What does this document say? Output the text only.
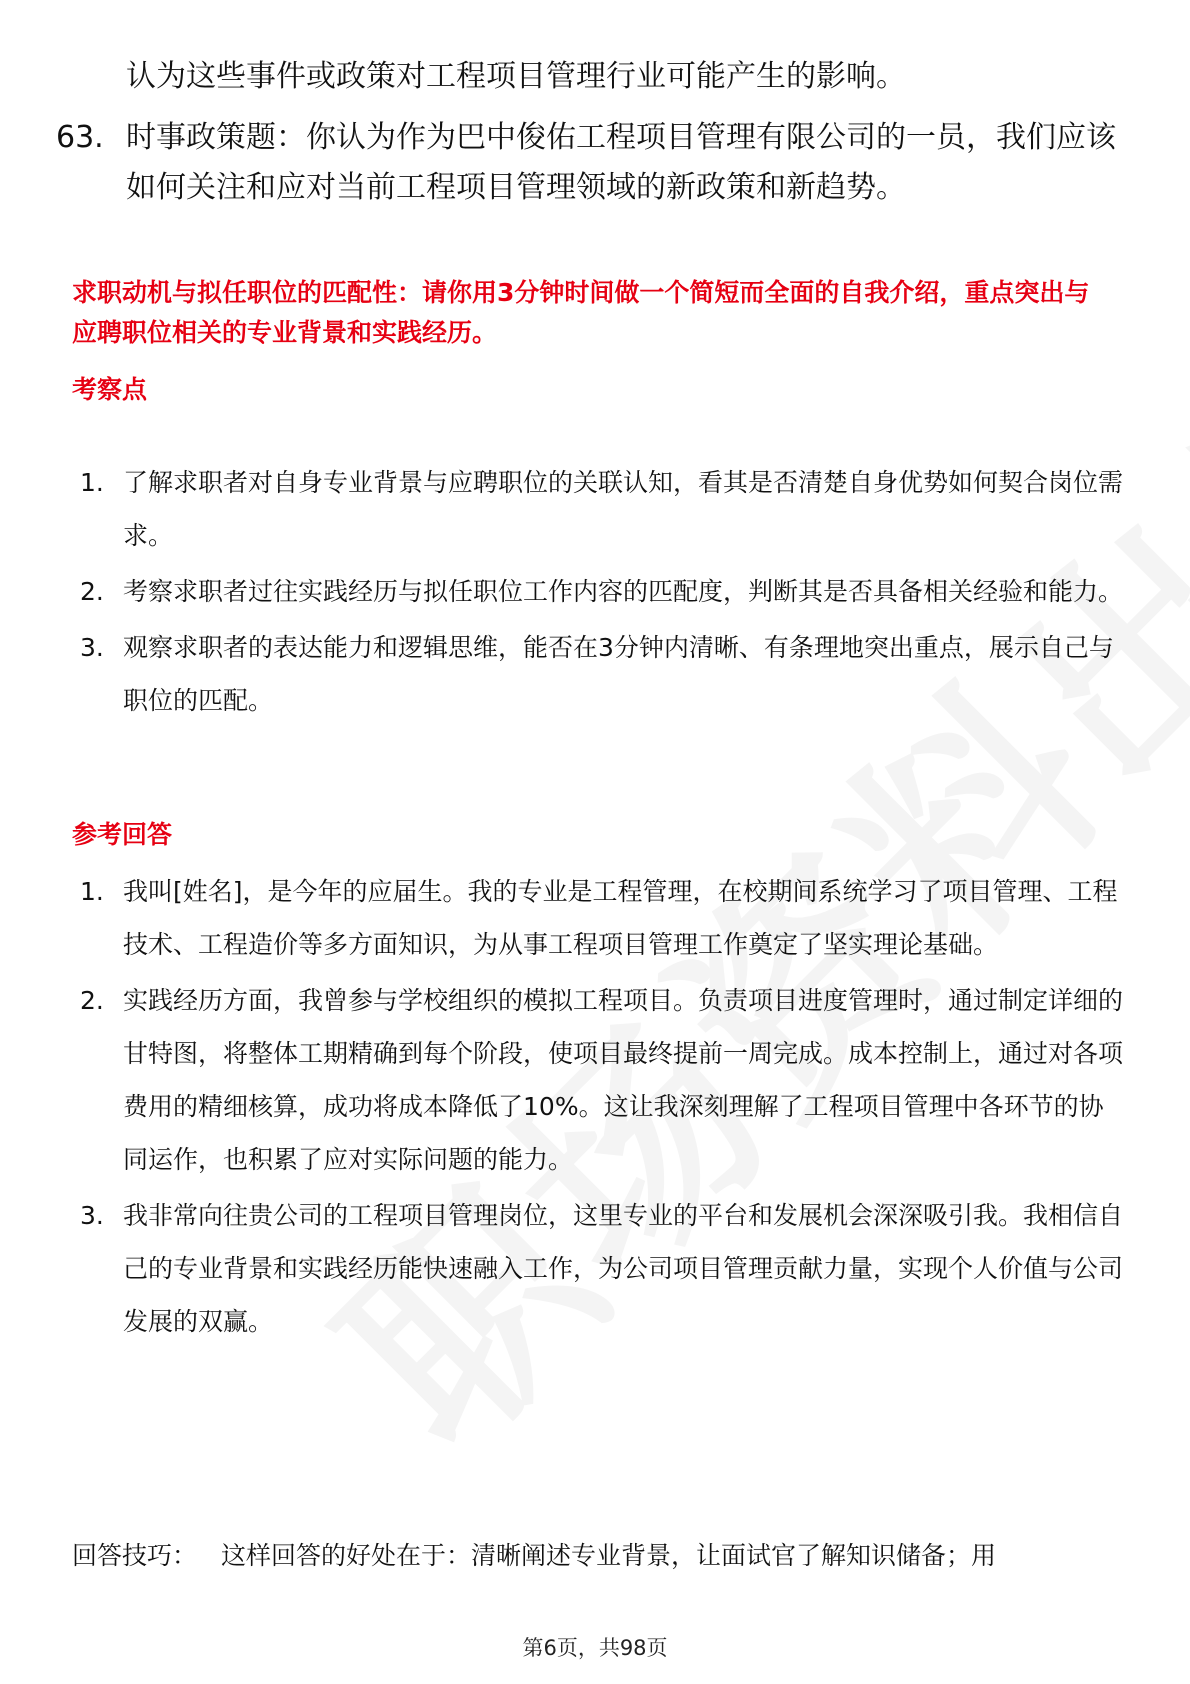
认为这些事件或政策对工程项目管理行业可能产生的影响。
63. 时事政策题：你认为作为巴中俊佑工程项目管理有限公司的一员，我们应该如何关注和应对当前工程项目管理领域的新政策和新趋势。
求职动机与拟任职位的匹配性：请你用3分钟时间做一个简短而全面的自我介绍，重点突出与应聘职位相关的专业背景和实践经历。
考察点
1. 了解求职者对自身专业背景与应聘职位的关联认知，看其是否清楚自身优势如何契合岗位需求。
2. 考察求职者过往实践经历与拟任职位工作内容的匹配度，判断其是否具备相关经验和能力。
3. 观察求职者的表达能力和逻辑思维，能否在3分钟内清晰、有条理地突出重点，展示自己与职位的匹配。
参考回答
1. 我叫[姓名]，是今年的应届生。我的专业是工程管理，在校期间系统学习了项目管理、工程技术、工程造价等多方面知识，为从事工程项目管理工作奠定了坚实理论基础。
2. 实践经历方面，我曾参与学校组织的模拟工程项目。负责项目进度管理时，通过制定详细的甘特图，将整体工期精确到每个阶段，使项目最终提前一周完成。成本控制上，通过对各项费用的精细核算，成功将成本降低了10%。这让我深刻理解了工程项目管理中各环节的协同运作，也积累了应对实际问题的能力。
3. 我非常向往贵公司的工程项目管理岗位，这里专业的平台和发展机会深深吸引我。我相信自己的专业背景和实践经历能快速融入工作，为公司项目管理贡献力量，实现个人价值与公司发展的双赢。
回答技巧： 这样回答的好处在于：清晰阐述专业背景，让面试官了解知识储备；用
第6页，共98页
